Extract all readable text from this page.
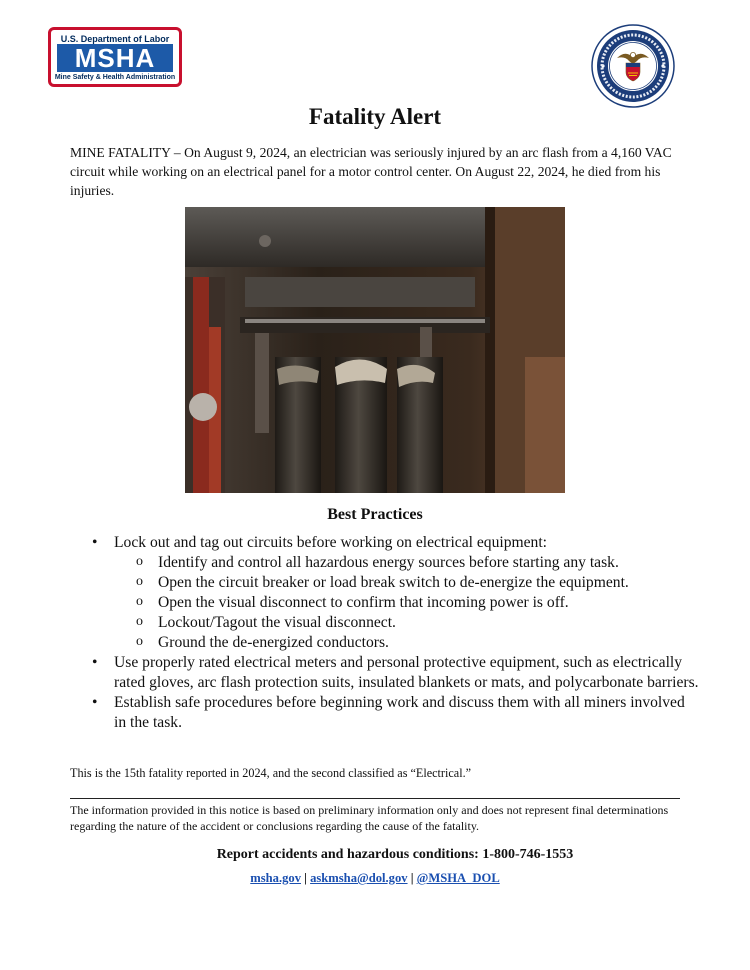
U.S. Department of Labor
MSHA
Mine Safety & Health Administration
Fatality Alert

MINE FATALITY – On August 9, 2024, an electrician was seriously injured by an arc flash from a 4,160 VAC circuit while working on an electrical panel for a motor control center. On August 22, 2024, he died from his injuries.

Best Practices
• Lock out and tag out circuits before working on electrical equipment:
o Identify and control all hazardous energy sources before starting any task.
o Open the circuit breaker or load break switch to de-energize the equipment.
o Open the visual disconnect to confirm that incoming power is off.
o Lockout/Tagout the visual disconnect.
o Ground the de-energized conductors.
• Use properly rated electrical meters and personal protective equipment, such as electrically rated gloves, arc flash protection suits, insulated blankets or mats, and polycarbonate barriers.
• Establish safe procedures before beginning work and discuss them with all miners involved in the task.

This is the 15th fatality reported in 2024, and the second classified as “Electrical.”

The information provided in this notice is based on preliminary information only and does not represent final determinations regarding the nature of the accident or conclusions regarding the cause of the fatality.

Report accidents and hazardous conditions: 1-800-746-1553
msha.gov | askmsha@dol.gov | @MSHA_DOL
